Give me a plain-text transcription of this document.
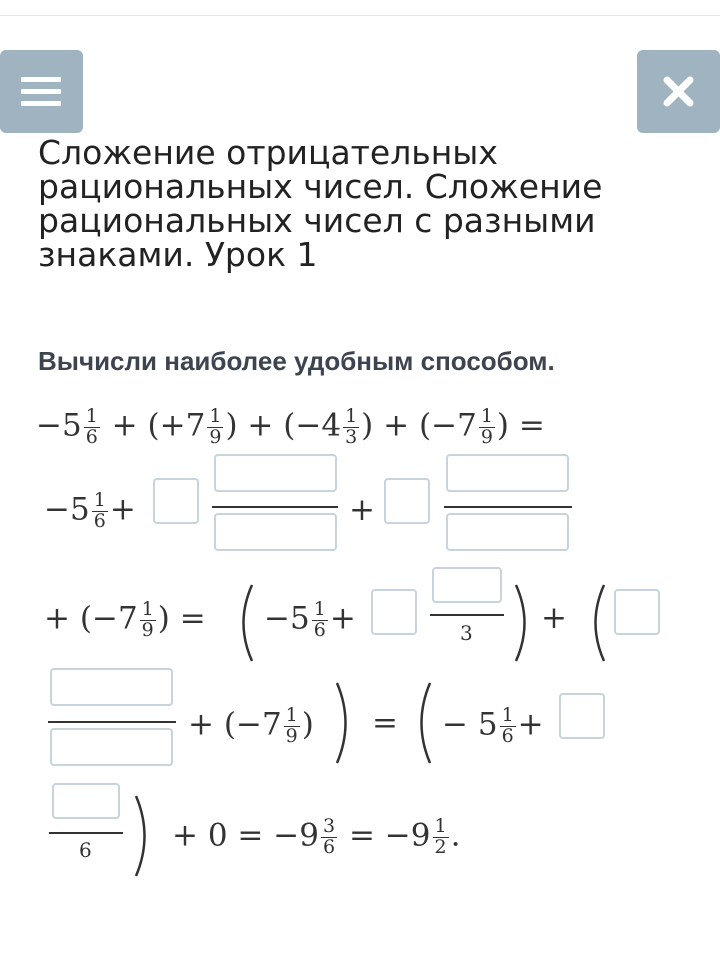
Сложение отрицательных
рациональных чисел. Сложение
рациональных чисел с разными
знаками. Урок 1
Вычисли наиболее удобным способом.
$-5 \frac{1}{6} + (+7 \frac{1}{9}$ ) + ($-4 \frac{1}{3}$ ) + ($-7 \frac{1}{9}$ ) =
$-5 \frac{1}{6}$ +	+
+ ($-7 \frac{1}{9}$ ) = $-5 \frac{1}{6}$ +	3 +
+ ($-7 \frac{1}{9}$ ) = − $5 \frac{1}{6}$ +
6	+ $0 = -9 \frac{3}{6} = -9 \frac{1}{2}$ .
